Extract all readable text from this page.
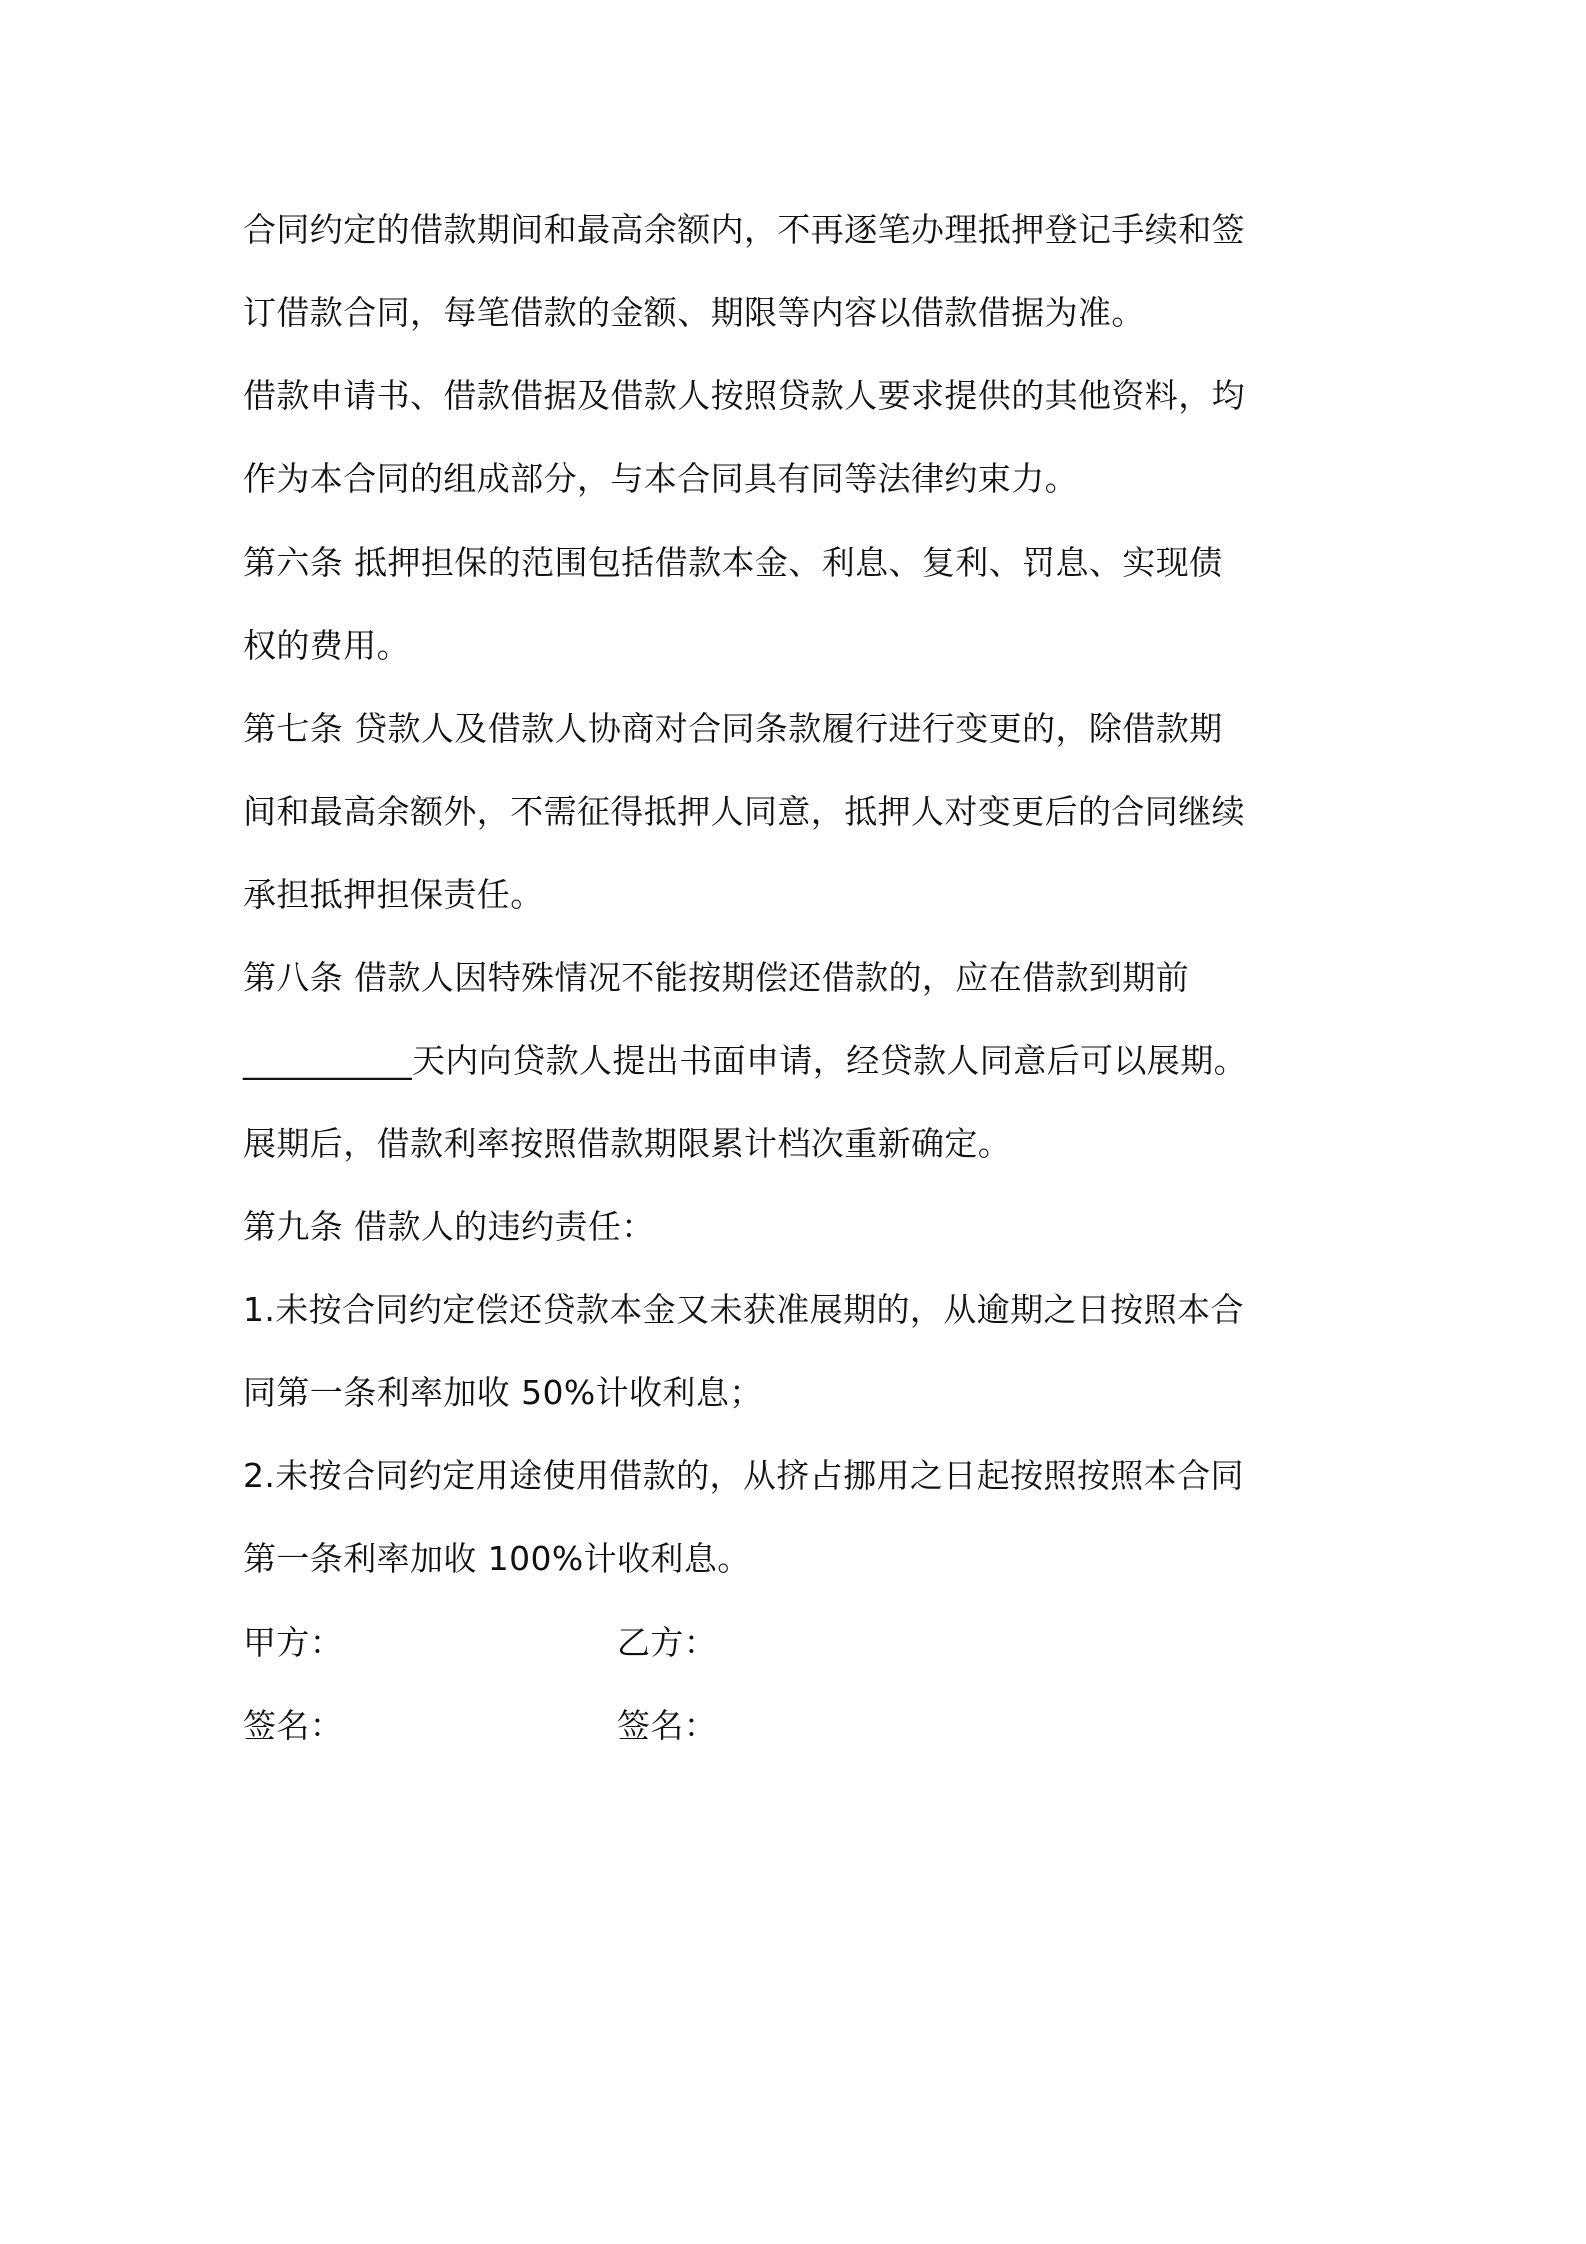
合同约定的借款期间和最高余额内，不再逐笔办理抵押登记手续和签
订借款合同，每笔借款的金额、期限等内容以借款借据为准。
借款申请书、借款借据及借款人按照贷款人要求提供的其他资料，均
作为本合同的组成部分，与本合同具有同等法律约束力。
第六条 抵押担保的范围包括借款本金、利息、复利、罚息、实现债
权的费用。
第七条 贷款人及借款人协商对合同条款履行进行变更的，除借款期
间和最高余额外，不需征得抵押人同意，抵押人对变更后的合同继续
承担抵押担保责任。
第八条 借款人因特殊情况不能按期偿还借款的，应在借款到期前
__________天内向贷款人提出书面申请，经贷款人同意后可以展期。
展期后，借款利率按照借款期限累计档次重新确定。
第九条 借款人的违约责任：
1.未按合同约定偿还贷款本金又未获准展期的，从逾期之日按照本合
同第一条利率加收 50%计收利息；
2.未按合同约定用途使用借款的，从挤占挪用之日起按照按照本合同
第一条利率加收 100%计收利息。
甲方：	乙方：
签名：	签名：
